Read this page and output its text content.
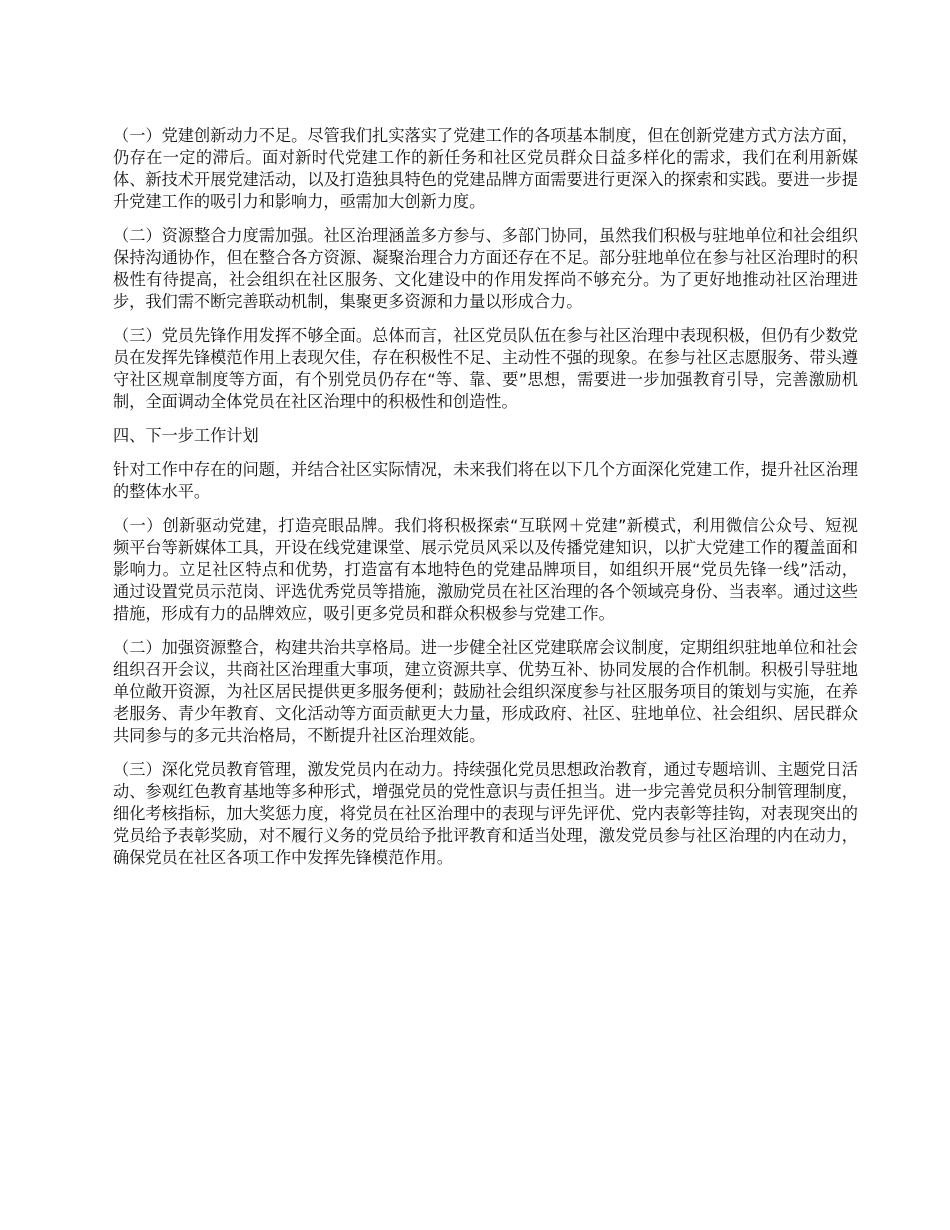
（一）党建创新动力不足。尽管我们扎实落实了党建工作的各项基本制度，但在创新党建方式方法方面，仍存在一定的滞后。面对新时代党建工作的新任务和社区党员群众日益多样化的需求，我们在利用新媒体、新技术开展党建活动，以及打造独具特色的党建品牌方面需要进行更深入的探索和实践。要进一步提升党建工作的吸引力和影响力，亟需加大创新力度。

（二）资源整合力度需加强。社区治理涵盖多方参与、多部门协同，虽然我们积极与驻地单位和社会组织保持沟通协作，但在整合各方资源、凝聚治理合力方面还存在不足。部分驻地单位在参与社区治理时的积极性有待提高，社会组织在社区服务、文化建设中的作用发挥尚不够充分。为了更好地推动社区治理进步，我们需不断完善联动机制，集聚更多资源和力量以形成合力。

（三）党员先锋作用发挥不够全面。总体而言，社区党员队伍在参与社区治理中表现积极，但仍有少数党员在发挥先锋模范作用上表现欠佳，存在积极性不足、主动性不强的现象。在参与社区志愿服务、带头遵守社区规章制度等方面，有个别党员仍存在“等、靠、要”思想，需要进一步加强教育引导，完善激励机制，全面调动全体党员在社区治理中的积极性和创造性。

四、下一步工作计划

针对工作中存在的问题，并结合社区实际情况，未来我们将在以下几个方面深化党建工作，提升社区治理的整体水平。

（一）创新驱动党建，打造亮眼品牌。我们将积极探索“互联网＋党建”新模式，利用微信公众号、短视频平台等新媒体工具，开设在线党建课堂、展示党员风采以及传播党建知识，以扩大党建工作的覆盖面和影响力。立足社区特点和优势，打造富有本地特色的党建品牌项目，如组织开展“党员先锋一线”活动，通过设置党员示范岗、评选优秀党员等措施，激励党员在社区治理的各个领域亮身份、当表率。通过这些措施，形成有力的品牌效应，吸引更多党员和群众积极参与党建工作。

（二）加强资源整合，构建共治共享格局。进一步健全社区党建联席会议制度，定期组织驻地单位和社会组织召开会议，共商社区治理重大事项，建立资源共享、优势互补、协同发展的合作机制。积极引导驻地单位敞开资源，为社区居民提供更多服务便利；鼓励社会组织深度参与社区服务项目的策划与实施，在养老服务、青少年教育、文化活动等方面贡献更大力量，形成政府、社区、驻地单位、社会组织、居民群众共同参与的多元共治格局，不断提升社区治理效能。

（三）深化党员教育管理，激发党员内在动力。持续强化党员思想政治教育，通过专题培训、主题党日活动、参观红色教育基地等多种形式，增强党员的党性意识与责任担当。进一步完善党员积分制管理制度，细化考核指标，加大奖惩力度，将党员在社区治理中的表现与评先评优、党内表彰等挂钩，对表现突出的党员给予表彰奖励，对不履行义务的党员给予批评教育和适当处理，激发党员参与社区治理的内在动力，确保党员在社区各项工作中发挥先锋模范作用。
